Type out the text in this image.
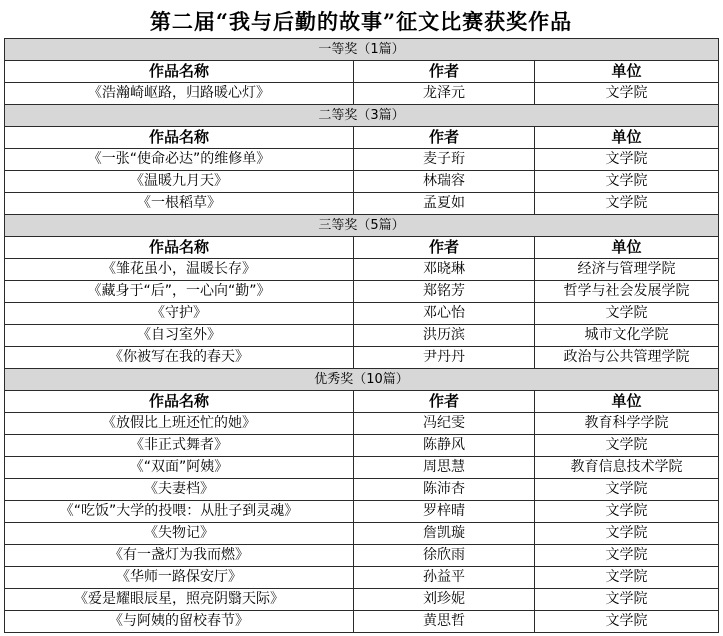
第二届“我与后勤的故事”征文比赛获奖作品
一等奖（1篇）		
作品名称	作者	单位
《浩瀚崎岖路，归路暖心灯》	龙泽元	文学院
二等奖（3篇）		
作品名称	作者	单位
《一张“使命必达”的维修单》	麦子珩	文学院
《温暖九月天》	林瑞容	文学院
《一根稻草》	孟夏如	文学院
三等奖（5篇）		
作品名称	作者	单位
《雏花虽小，温暖长存》	邓晓琳	经济与管理学院
《藏身于“后”，一心向“勤”》	郑铭芳	哲学与社会发展学院
《守护》	邓心怡	文学院
《自习室外》	洪历滨	城市文化学院
《你被写在我的春天》	尹丹丹	政治与公共管理学院
优秀奖（10篇）		
作品名称	作者	单位
《放假比上班还忙的她》	冯纪雯	教育科学学院
《非正式舞者》	陈静风	文学院
《“双面”阿姨》	周思慧	教育信息技术学院
《夫妻档》	陈沛杏	文学院
《“吃饭”大学的投喂：从肚子到灵魂》	罗梓晴	文学院
《失物记》	詹凯璇	文学院
《有一盏灯为我而燃》	徐欣雨	文学院
《华师一路保安厅》	孙益平	文学院
《爱是耀眼辰星，照亮阴翳天际》	刘珍妮	文学院
《与阿姨的留校春节》	黄思哲	文学院
